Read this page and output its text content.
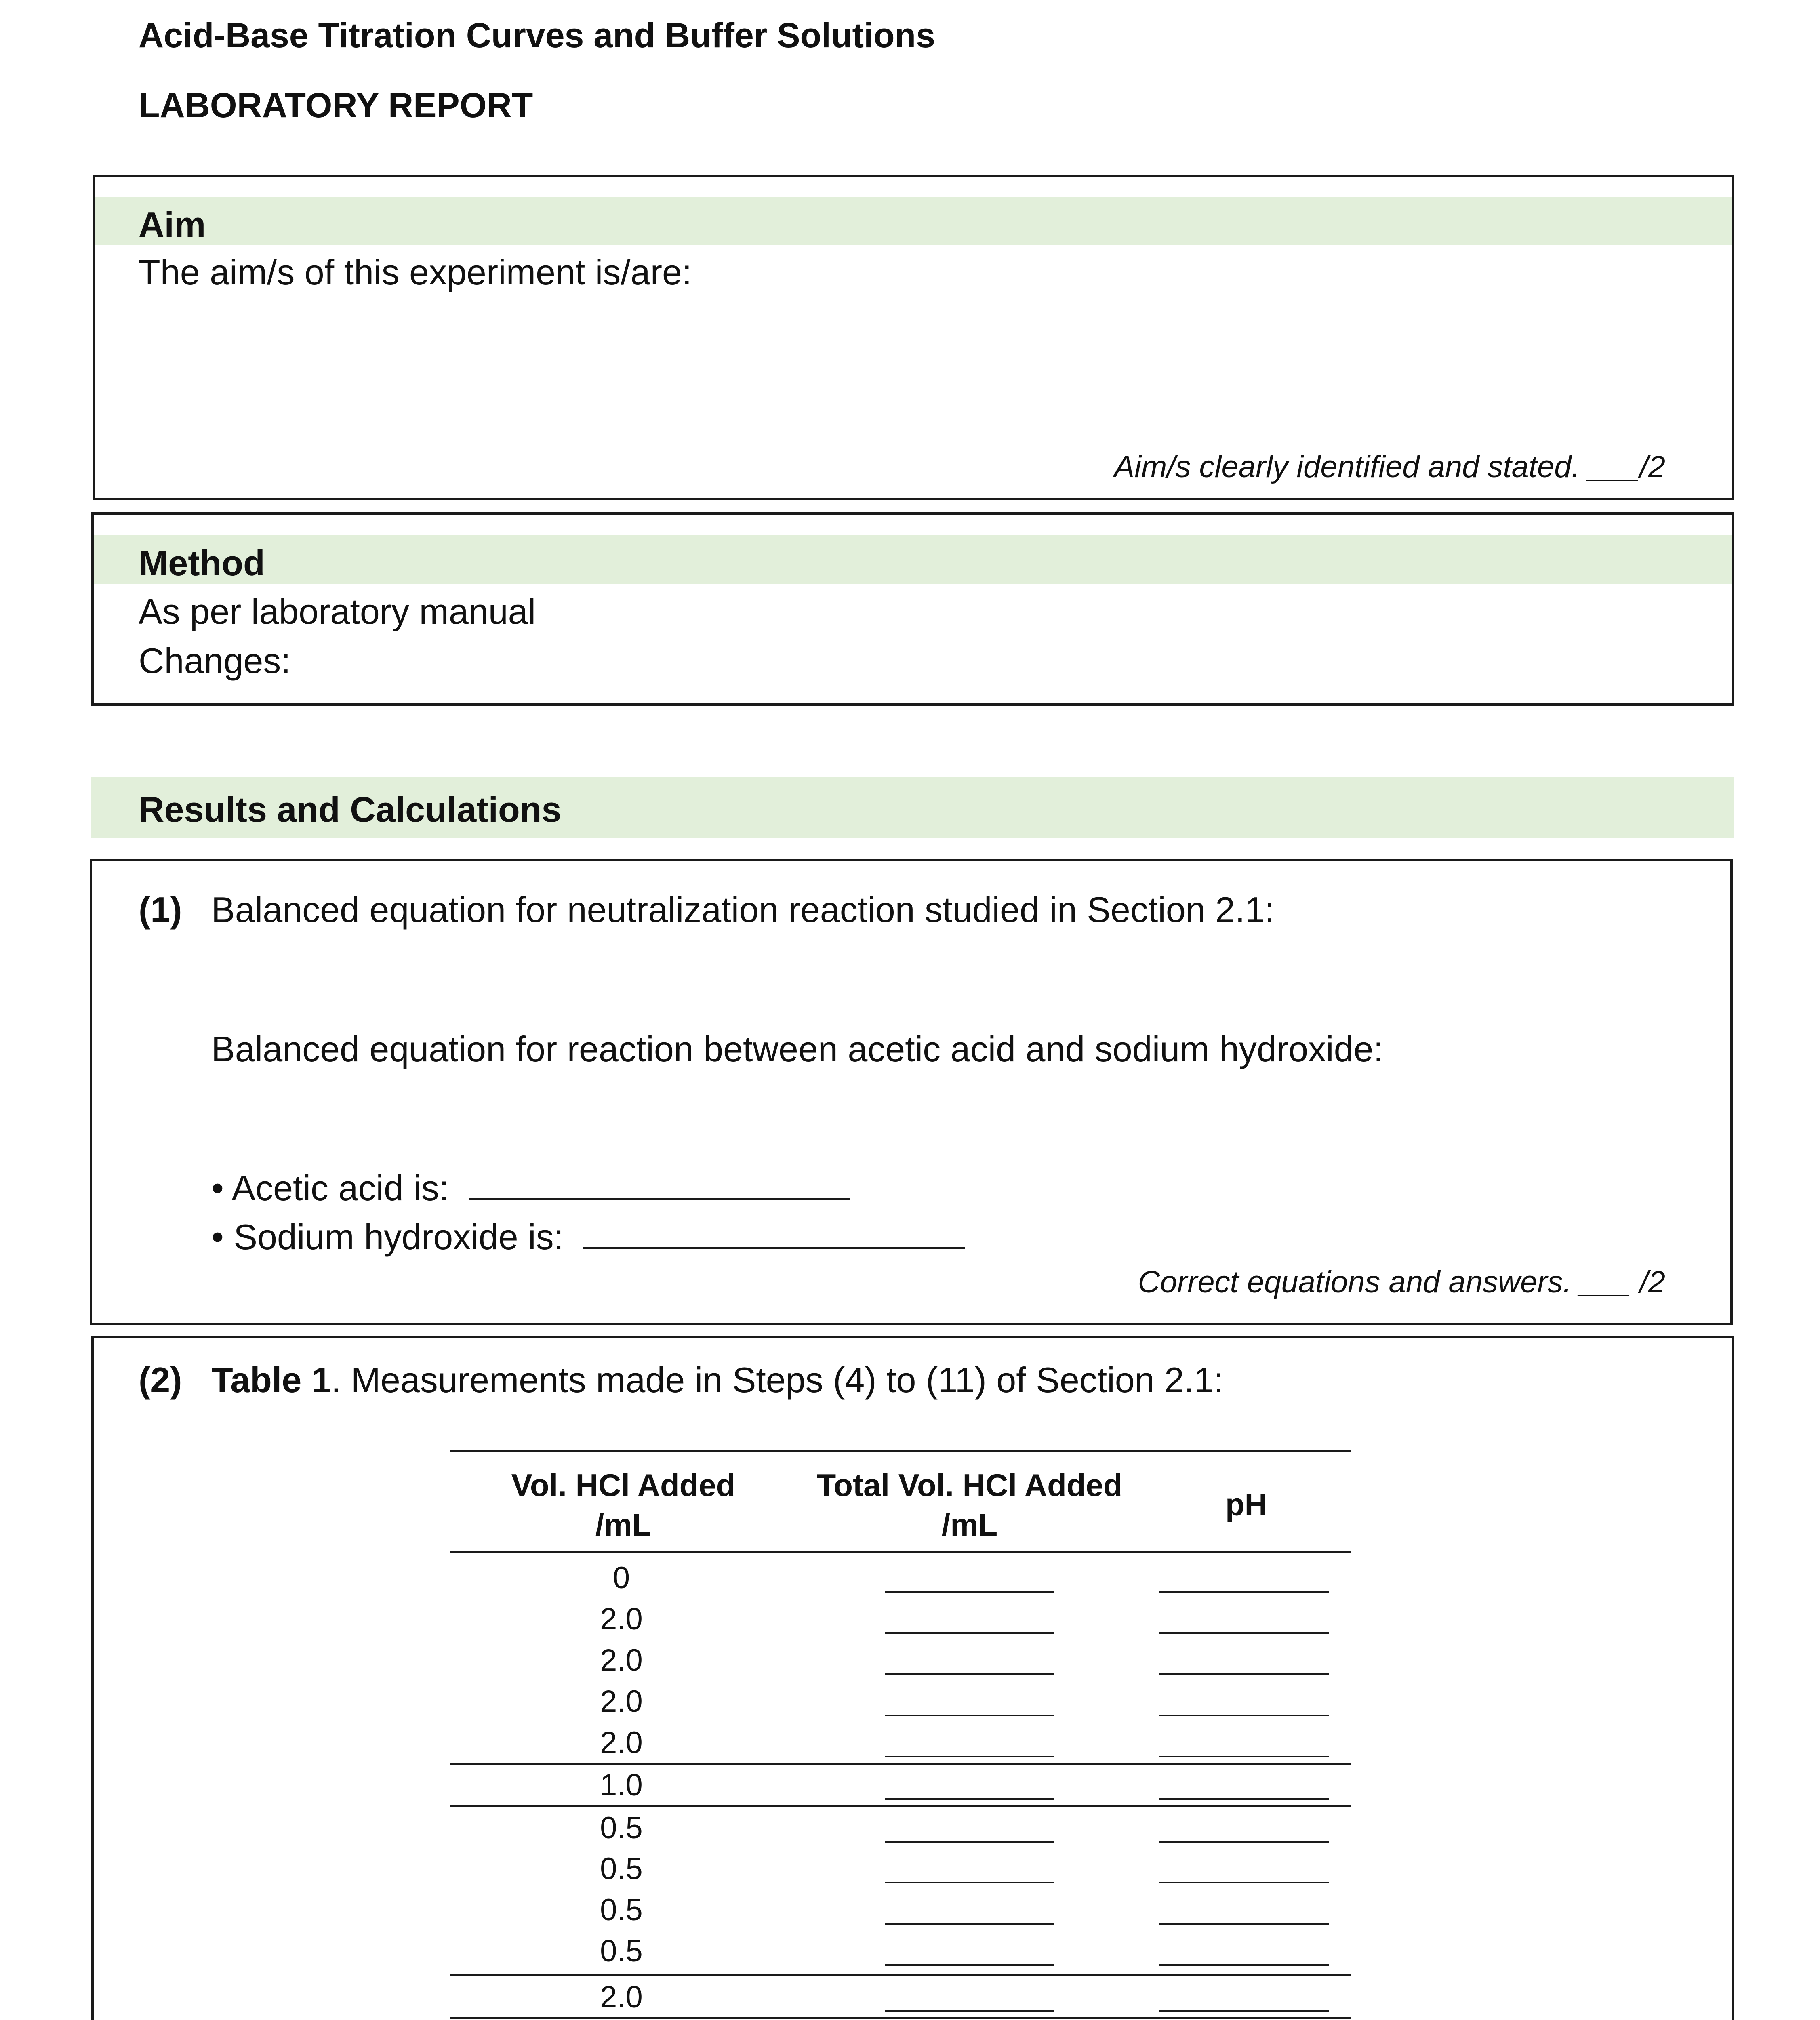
Acid-Base Titration Curves and Buffer Solutions
LABORATORY REPORT
Aim
The aim/s of this experiment is/are:
Aim/s clearly identified and stated. ___/2
Method
As per laboratory manual
Changes:
Results and Calculations
(1) Balanced equation for neutralization reaction studied in Section 2.1:
Balanced equation for reaction between acetic acid and sodium hydroxide:
• Acetic acid is:
• Sodium hydroxide is:
Correct equations and answers. ___ /2
(2) Table 1. Measurements made in Steps (4) to (11) of Section 2.1:
Vol. HCl Added
/mL
Total Vol. HCl Added
/mL
pH
0
2.0
2.0
2.0
2.0
1.0
0.5
0.5
0.5
0.5
2.0
